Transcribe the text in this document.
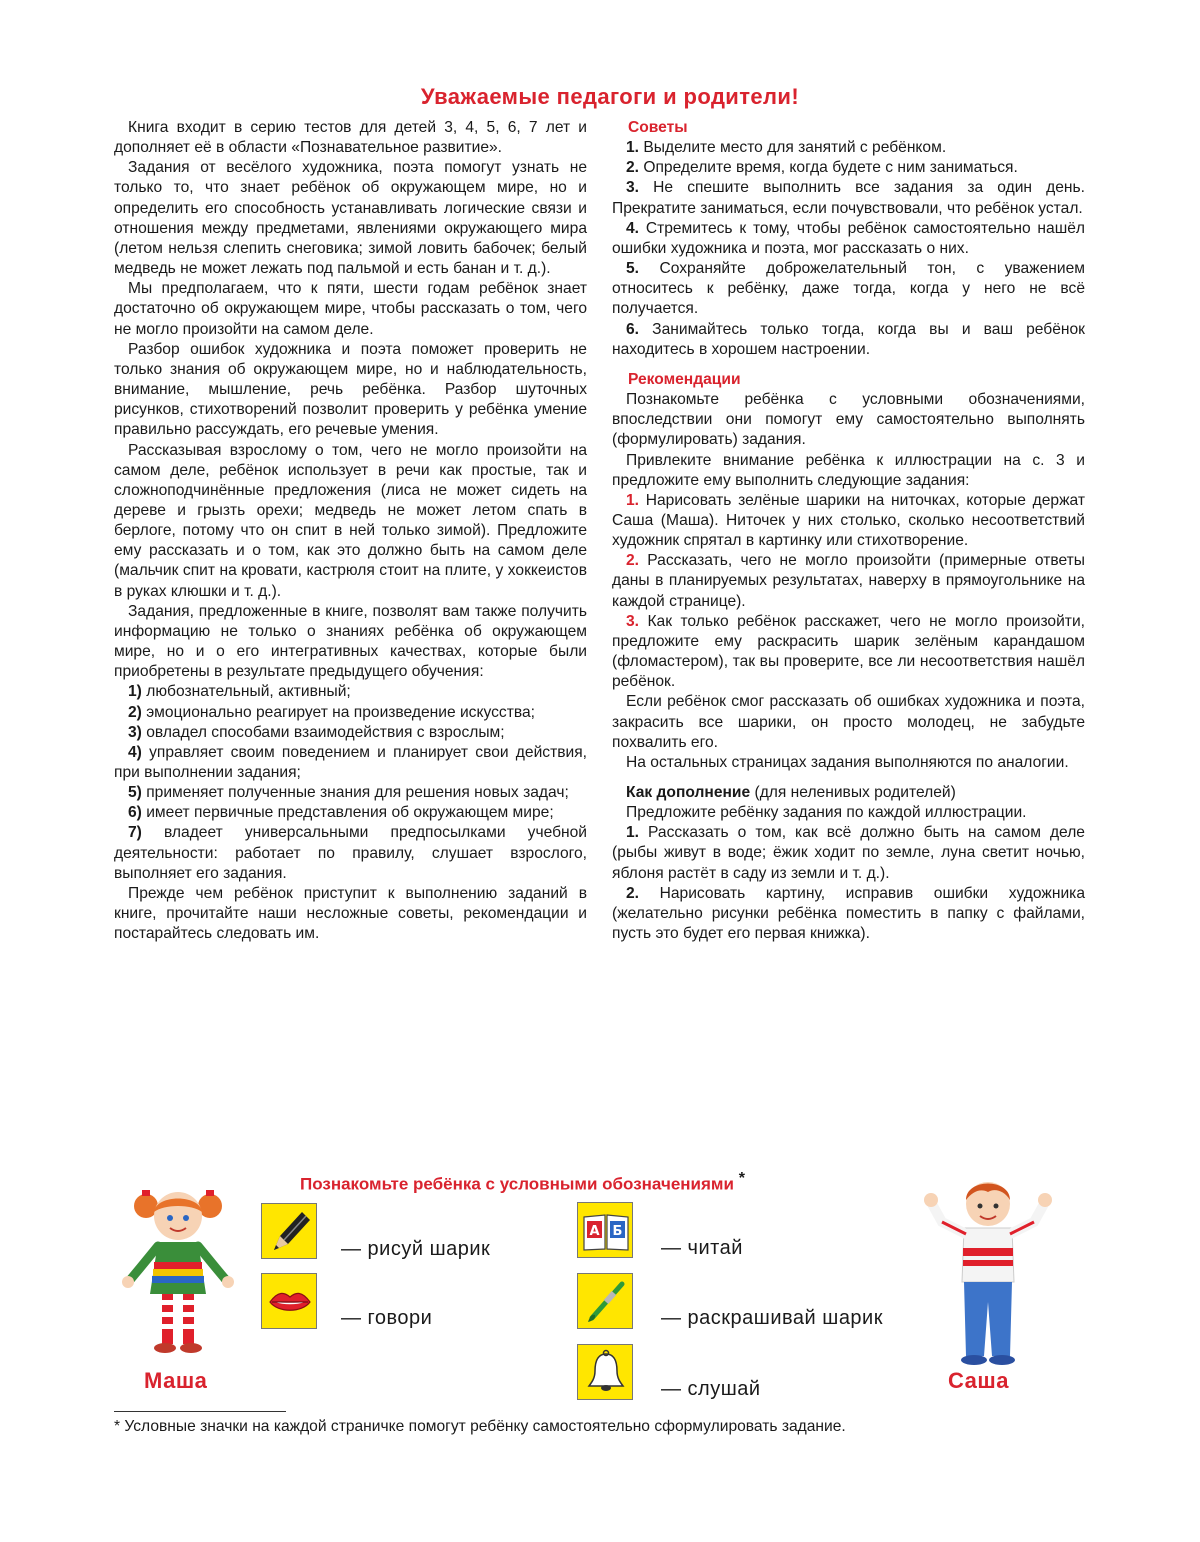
Уважаемые педагоги и родители!

Книга входит в серию тестов для детей 3, 4, 5, 6, 7 лет и дополняет её в области «Познавательное развитие».

Задания от весёлого художника, поэта помогут узнать не только то, что знает ребёнок об окружающем мире, но и определить его способность устанавливать логические связи и отношения между предметами, явлениями окружающего мира (летом нельзя слепить снеговика; зимой ловить бабочек; белый медведь не может лежать под пальмой и есть банан и т. д.).

Мы предполагаем, что к пяти, шести годам ребёнок знает достаточно об окружающем мире, чтобы рассказать о том, чего не могло произойти на самом деле.

Разбор ошибок художника и поэта поможет проверить не только знания об окружающем мире, но и наблюдательность, внимание, мышление, речь ребёнка. Разбор шуточных рисунков, стихотворений позволит проверить у ребёнка умение правильно рассуждать, его речевые умения.

Рассказывая взрослому о том, чего не могло произойти на самом деле, ребёнок использует в речи как простые, так и сложноподчинённые предложения (лиса не может сидеть на дереве и грызть орехи; медведь не может летом спать в берлоге, потому что он спит в ней только зимой). Предложите ему рассказать и о том, как это должно быть на самом деле (мальчик спит на кровати, кастрюля стоит на плите, у хоккеистов в руках клюшки и т. д.).

Задания, предложенные в книге, позволят вам также получить информацию не только о знаниях ребёнка об окружающем мире, но и о его интегративных качествах, которые были приобретены в результате предыдущего обучения:

1) любознательный, активный;

2) эмоционально реагирует на произведение искусства;

3) овладел способами взаимодействия с взрослым;

4) управляет своим поведением и планирует свои действия, при выполнении задания;

5) применяет полученные знания для решения новых задач;

6) имеет первичные представления об окружающем мире;

7) владеет универсальными предпосылками учебной деятельности: работает по правилу, слушает взрослого, выполняет его задания.

Прежде чем ребёнок приступит к выполнению заданий в книге, прочитайте наши несложные советы, рекомендации и постарайтесь следовать им.

Советы

1. Выделите место для занятий с ребёнком.

2. Определите время, когда будете с ним заниматься.

3. Не спешите выполнить все задания за один день. Прекратите заниматься, если почувствовали, что ребёнок устал.

4. Стремитесь к тому, чтобы ребёнок самостоятельно нашёл ошибки художника и поэта, мог рассказать о них.

5. Сохраняйте доброжелательный тон, с уважением относитесь к ребёнку, даже тогда, когда у него не всё получается.

6. Занимайтесь только тогда, когда вы и ваш ребёнок находитесь в хорошем настроении.

Рекомендации

Познакомьте ребёнка с условными обозначениями, впоследствии они помогут ему самостоятельно выполнять (формулировать) задания.

Привлеките внимание ребёнка к иллюстрации на с. 3 и предложите ему выполнить следующие задания:

1. Нарисовать зелёные шарики на ниточках, которые держат Саша (Маша). Ниточек у них столько, сколько несоответствий художник спрятал в картинку или стихотворение.

2. Рассказать, чего не могло произойти (примерные ответы даны в планируемых результатах, наверху в прямоугольнике на каждой странице).

3. Как только ребёнок расскажет, чего не могло произойти, предложите ему раскрасить шарик зелёным карандашом (фломастером), так вы проверите, все ли несоответствия нашёл ребёнок.

Если ребёнок смог рассказать об ошибках художника и поэта, закрасить все шарики, он просто молодец, не забудьте похвалить его.

На остальных страницах задания выполняются по аналогии.

Как дополнение (для неленивых родителей)

Предложите ребёнку задания по каждой иллюстрации.

1. Рассказать о том, как всё должно быть на самом деле (рыбы живут в воде; ёжик ходит по земле, луна светит ночью, яблоня растёт в саду из земли и т. д.).

2. Нарисовать картину, исправив ошибки художника (желательно рисунки ребёнка поместить в папку с файлами, пусть это будет его первая книжка).

Познакомьте ребёнка с условными обозначениями *
— рисуй шарик
— говори
А Б
— читай
— раскрашивай шарик
— слушай
Маша	Саша
* Условные значки на каждой страничке помогут ребёнку самостоятельно сформулировать задание.
